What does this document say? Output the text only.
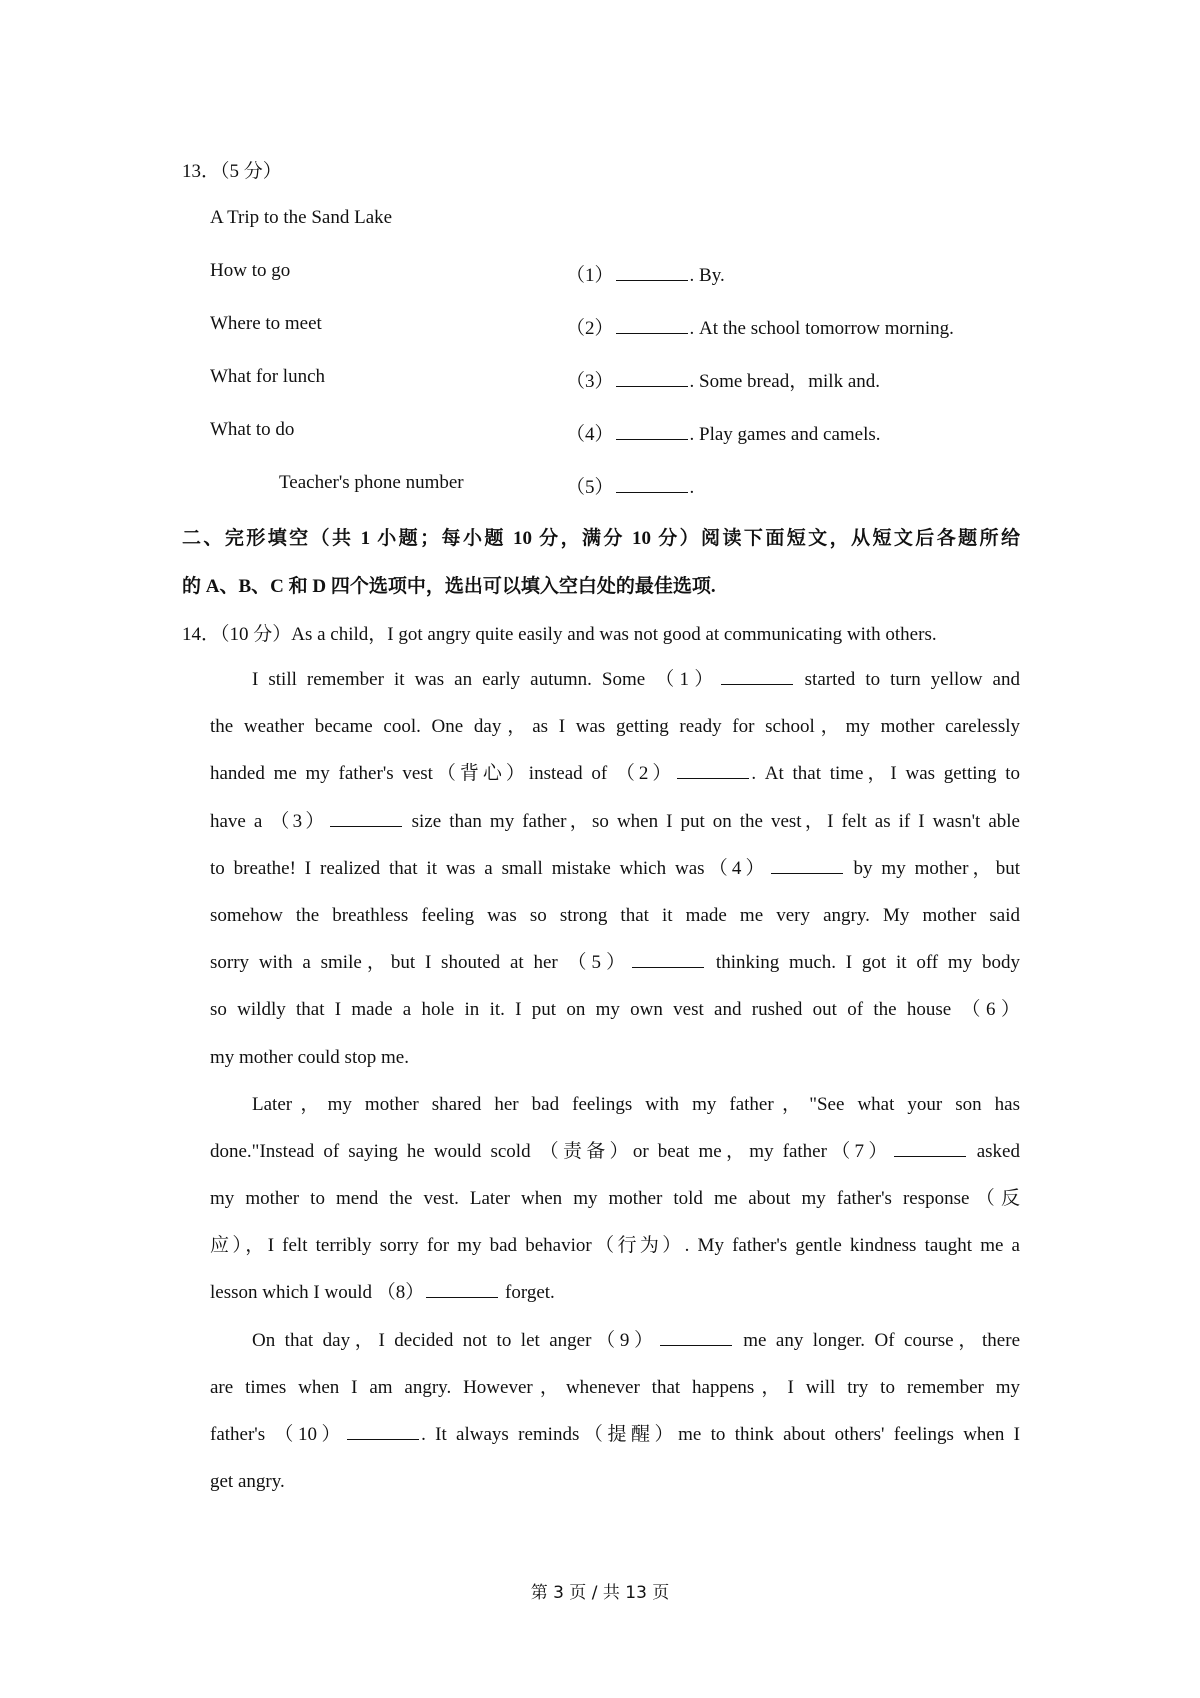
13．（5 分）
A Trip to the Sand Lake
How to go	（1）	. By.
Where to meet	（2）	. At the school tomorrow morning.
What for lunch	（3）	. Some bread，milk and.
What to do	（4）	. Play games and camels.
Teacher's phone number	（5）	.
二、完形填空（共 1 小题；每小题 10 分，满分 10 分）阅读下面短文，从短文后各题所给
的 A、B、C 和 D 四个选项中，选出可以填入空白处的最佳选项.
14．（10 分）As a child，I got angry quite easily and was not good at communicating with others.
I still remember it was an early autumn. Some （1）	started to turn yellow and
the weather became cool. One day，as I was getting ready for school，my mother carelessly
handed me my father's vest（背心）instead of （2）	. At that time，I was getting to
have a （3）	size than my father，so when I put on the vest，I felt as if I wasn't able
to breathe! I realized that it was a small mistake which was（4）	by my mother，but
somehow the breathless feeling was so strong that it made me very angry. My mother said
sorry with a smile，but I shouted at her （5）	thinking much. I got it off my body
so wildly that I made a hole in it. I put on my own vest and rushed out of the house （6）
my mother could stop me.
Later，my mother shared her bad feelings with my father，"See what your son has
done."Instead of saying he would scold （责备）or beat me，my father（7）	asked
my mother to mend the vest. Later when my mother told me about my father's response（反
应），I felt terribly sorry for my bad behavior（行为）. My father's gentle kindness taught me a
lesson which I would （8）	forget.
On that day，I decided not to let anger（9）	me any longer. Of course，there
are times when I am angry. However，whenever that happens，I will try to remember my
father's （10）	. It always reminds（提醒）me to think about others' feelings when I
get angry.
第 3 页 / 共 13 页
